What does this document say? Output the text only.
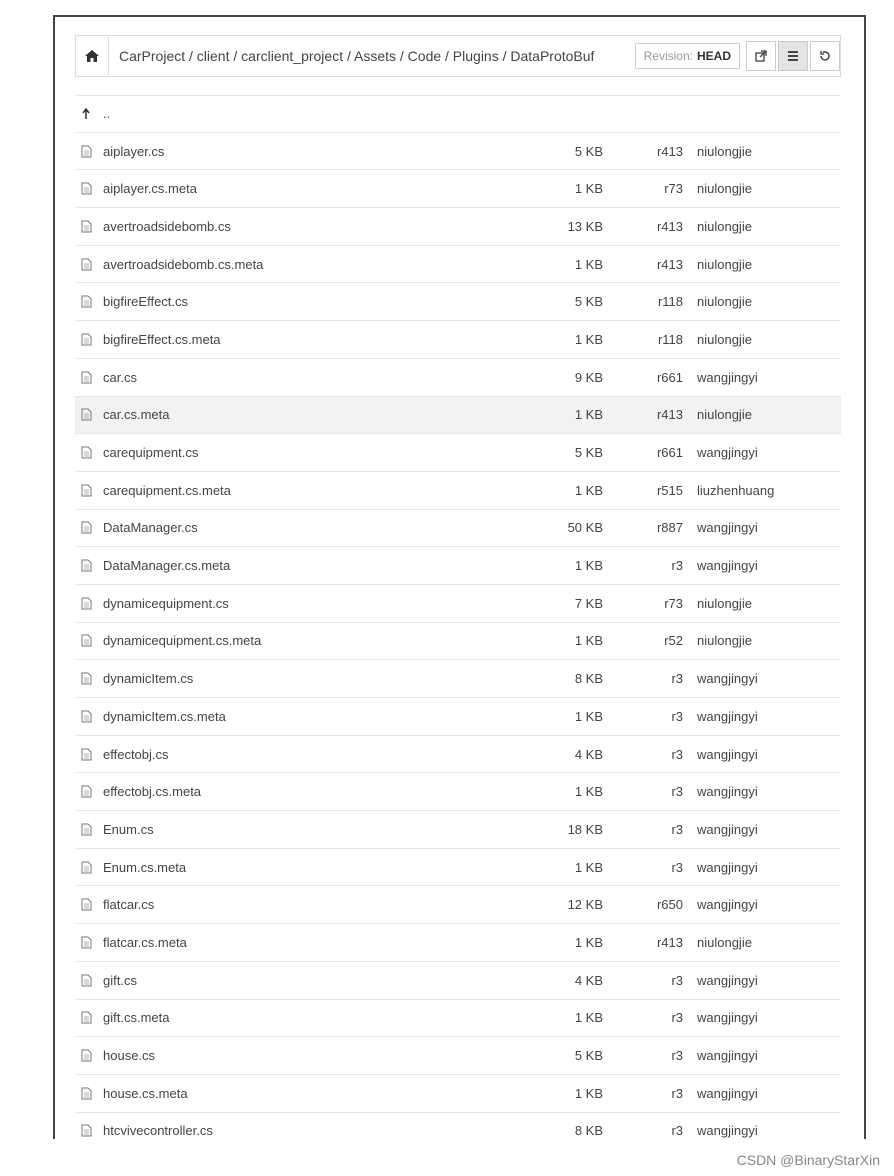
CarProject / client / carclient_project / Assets / Code / Plugins / DataProtoBuf	Revision: HEAD
..
aiplayer.cs	5 KB	r413 niulongjie
aiplayer.cs.meta	1 KB	r73 niulongjie
avertroadsidebomb.cs	13 KB	r413 niulongjie
avertroadsidebomb.cs.meta	1 KB	r413 niulongjie
bigfireEffect.cs	5 KB	r118 niulongjie
bigfireEffect.cs.meta	1 KB	r118 niulongjie
car.cs	9 KB	r661 wangjingyi
car.cs.meta	1 KB	r413 niulongjie
carequipment.cs	5 KB	r661 wangjingyi
carequipment.cs.meta	1 KB	r515 liuzhenhuang
DataManager.cs	50 KB	r887 wangjingyi
DataManager.cs.meta	1 KB	r3 wangjingyi
dynamicequipment.cs	7 KB	r73 niulongjie
dynamicequipment.cs.meta	1 KB	r52 niulongjie
dynamicItem.cs	8 KB	r3 wangjingyi
dynamicItem.cs.meta	1 KB	r3 wangjingyi
effectobj.cs	4 KB	r3 wangjingyi
effectobj.cs.meta	1 KB	r3 wangjingyi
Enum.cs	18 KB	r3 wangjingyi
Enum.cs.meta	1 KB	r3 wangjingyi
flatcar.cs	12 KB	r650 wangjingyi
flatcar.cs.meta	1 KB	r413 niulongjie
gift.cs	4 KB	r3 wangjingyi
gift.cs.meta	1 KB	r3 wangjingyi
house.cs	5 KB	r3 wangjingyi
house.cs.meta	1 KB	r3 wangjingyi
htcvivecontroller.cs	8 KB	r3 wangjingyi
CSDN @BinaryStarXin
